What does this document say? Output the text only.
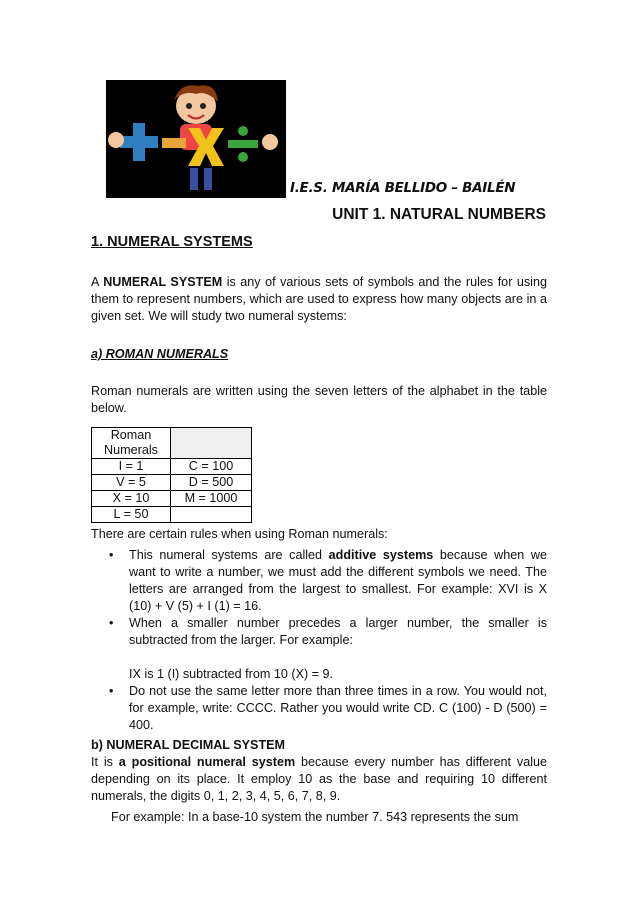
I.E.S. MARÍA BELLIDO – BAILÉN
UNIT 1. NATURAL NUMBERS
1. NUMERAL SYSTEMS
A NUMERAL SYSTEM is any of various sets of symbols and the rules for using them to represent numbers, which are used to express how many objects are in a given set. We will study two numeral systems:
a) ROMAN NUMERALS
Roman numerals are written using the seven letters of the alphabet in the table below.
Roman Numerals	
I = 1	C = 100
V = 5	D = 500
X = 10	M = 1000
L = 50	
There are certain rules when using Roman numerals:
• This numeral systems are called additive systems because when we want to write a number, we must add the different symbols we need. The letters are arranged from the largest to smallest. For example: XVI is X (10) + V (5) + I (1) = 16.
• When a smaller number precedes a larger number, the smaller is subtracted from the larger. For example:
IX is 1 (I) subtracted from 10 (X) = 9.
• Do not use the same letter more than three times in a row. You would not, for example, write: CCCC. Rather you would write CD. C (100) - D (500) = 400.
b) NUMERAL DECIMAL SYSTEM
It is a positional numeral system because every number has different value depending on its place. It employ 10 as the base and requiring 10 different numerals, the digits 0, 1, 2, 3, 4, 5, 6, 7, 8, 9.
For example: In a base-10 system the number 7. 543 represents the sum
